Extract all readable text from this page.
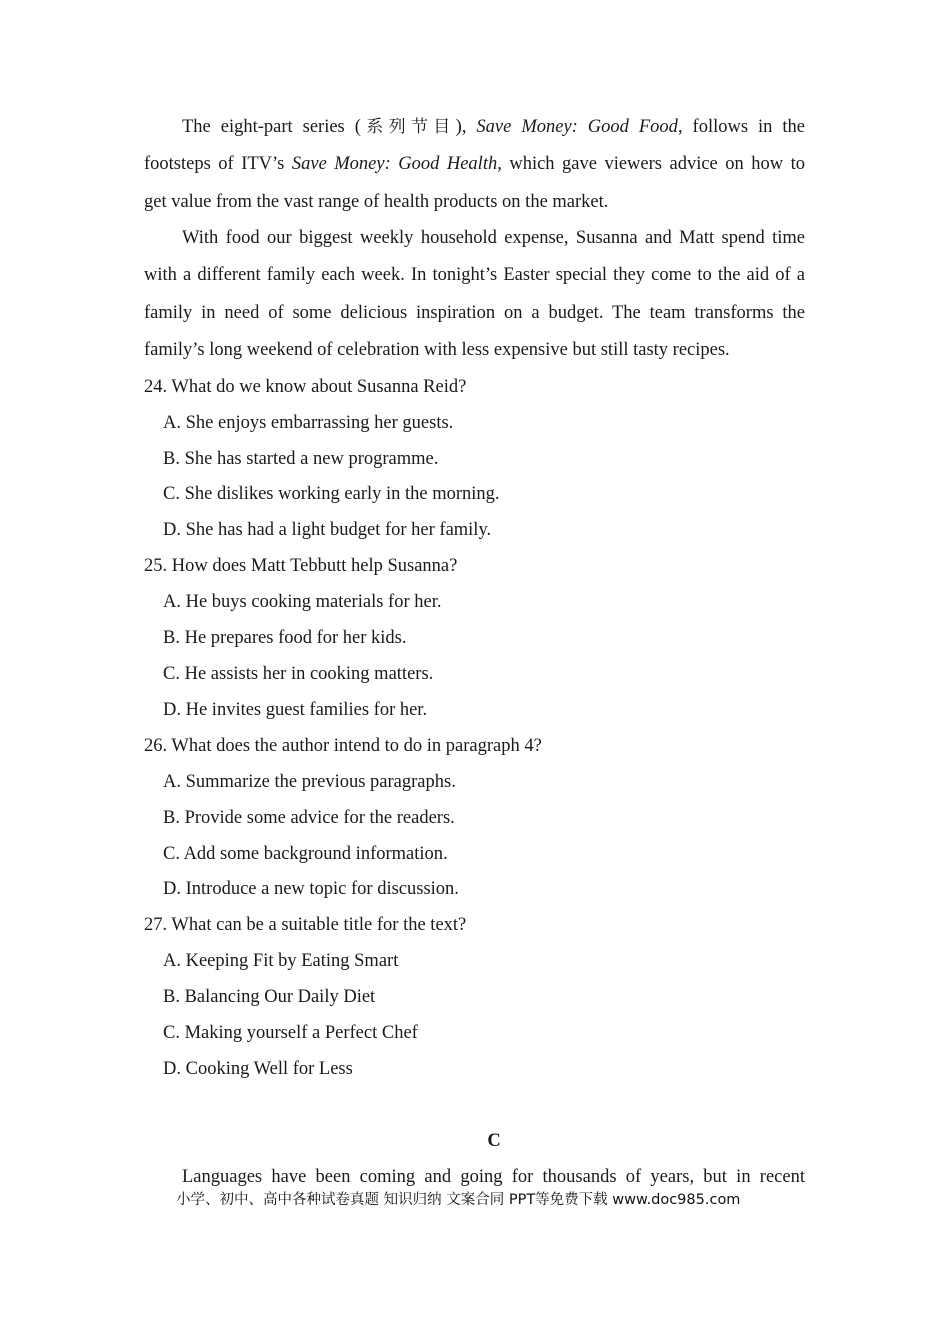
The eight-part series (系列节目), Save Money: Good Food, follows in the
footsteps of ITV’s Save Money: Good Health, which gave viewers advice on how to
get value from the vast range of health products on the market.
With food our biggest weekly household expense, Susanna and Matt spend time
with a different family each week. In tonight’s Easter special they come to the aid of a
family in need of some delicious inspiration on a budget. The team transforms the
family’s long weekend of celebration with less expensive but still tasty recipes.

24. What do we know about Susanna Reid?

A. She enjoys embarrassing her guests.

B. She has started a new programme.

C. She dislikes working early in the morning.

D. She has had a light budget for her family.

25. How does Matt Tebbutt help Susanna?

A. He buys cooking materials for her.

B. He prepares food for her kids.

C. He assists her in cooking matters.

D. He invites guest families for her.

26. What does the author intend to do in paragraph 4?

A. Summarize the previous paragraphs.

B. Provide some advice for the readers.

C. Add some background information.

D. Introduce a new topic for discussion.

27. What can be a suitable title for the text?

A. Keeping Fit by Eating Smart

B. Balancing Our Daily Diet

C. Making yourself a Perfect Chef

D. Cooking Well for Less

C

Languages have been coming and going for thousands of years, but in recent

小学、初中、高中各种试卷真题 知识归纳 文案合同 PPT等免费下载 www.doc985.com
